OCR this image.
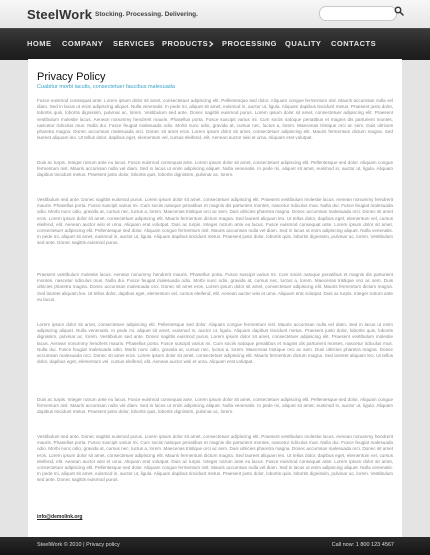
SteelWork Stocking. Processing. Delivering.
HOME COMPANY SERVICES PRODUCTS PROCESSING QUALITY CONTACTS
Privacy Policy
Cuabitur morbi iaculis, consectetuer faucibus malesuada

Fusce euismod consequat ante. Lorem ipsum dolor sit amet, consectetuer adipiscing elit. Pellentesque sed dolor. Aliquam congue fermentum nisl. Mauris accumsan nulla vel diam. Sed in lacus ut enim adipiscing aliquet. Nulla venenatis. In pede mi, aliquet sit amet, euismod in, auctor ut, ligula. Aliquam dapibus tincidunt metus. Praesent justo dolor, lobortis quis, lobortis dignissim, pulvinar ac, lorem. Vestibulum sed ante. Donec sagittis euismod purus. Lorem ipsum dolor sit amet, consectetuer adipiscing elit. Praesent vestibulum molestie lacus. Aenean nonummy hendrerit mauris. Phasellus porta. Fusce suscipit varius mi. Cum sociis natoque penatibus et magnis dis parturient montes, nascetur ridiculus mus. Nulla dui. Fusce feugiat malesuada odio. Morbi nunc odio, gravida at, cursus nec, luctus a, lorem. Maecenas tristique orci ac sem. Duis ultricies pharetra magna. Donec accumsan malesuada orci. Donec sit amet eros. Lorem ipsum dolor sit amet, consectetuer adipiscing elit. Mauris fermentum dictum magna. Sed laoreet aliquam leo. Ut tellus dolor, dapibus eget, elementum vel, cursus eleifend, elit. Aenean auctor wisi et urna. Aliquam erat volutpat.

Duis ac turpis. Integer rutrum ante eu lacus. Fusce euismod consequat ante. Lorem ipsum dolor sit amet, consectetuer adipiscing elit. Pellentesque sed dolor. Aliquam congue fermentum nisl. Mauris accumsan nulla vel diam. Sed in lacus ut enim adipiscing aliquet. Nulla venenatis. In pede mi, aliquet sit amet, euismod in, auctor ut, ligula. Aliquam dapibus tincidunt metus. Praesent justo dolor, lobortis quis, lobortis dignissim, pulvinar ac, lorem.

Vestibulum sed ante. Donec sagittis euismod purus. Lorem ipsum dolor sit amet, consectetuer adipiscing elit. Praesent vestibulum molestie lacus. Aenean nonummy hendrerit mauris. Phasellus porta. Fusce suscipit varius mi. Cum sociis natoque penatibus et magnis dis parturient montes, nascetur ridiculus mus. Nulla dui. Fusce feugiat malesuada odio. Morbi nunc odio, gravida at, cursus nec, luctus a, lorem. Maecenas tristique orci ac sem. Duis ultricies pharetra magna. Donec accumsan malesuada orci. Donec sit amet eros. Lorem ipsum dolor sit amet, consectetuer adipiscing elit. Mauris fermentum dictum magna. Sed laoreet aliquam leo. Ut tellus dolor, dapibus eget, elementum vel, cursus eleifend, elit. Aenean auctor wisi et urna. Aliquam erat volutpat. Duis ac turpis. Integer rutrum ante eu lacus. Fusce euismod consequat ante. Lorem ipsum dolor sit amet, consectetuer adipiscing elit. Pellentesque sed dolor. Aliquam congue fermentum nisl. Mauris accumsan nulla vel diam. Sed in lacus ut enim adipiscing aliquet. Nulla venenatis. In pede mi, aliquet sit amet, euismod in, auctor ut, ligula. Aliquam dapibus tincidunt metus. Praesent justo dolor, lobortis quis, lobortis dignissim, pulvinar ac, lorem. Vestibulum sed ante. Donec sagittis euismod purus.

Praesent vestibulum molestie lacus. Aenean nonummy hendrerit mauris. Phasellus porta. Fusce suscipit varius mi. Cum sociis natoque penatibus et magnis dis parturient montes, nascetur ridiculus mus. Nulla dui. Fusce feugiat malesuada odio. Morbi nunc odio, gravida at, cursus nec, luctus a, lorem. Maecenas tristique orci ac sem. Duis ultricies pharetra magna. Donec accumsan malesuada orci. Donec sit amet eros. Lorem ipsum dolor sit amet, consectetuer adipiscing elit. Mauris fermentum dictum magna. Sed laoreet aliquam leo. Ut tellus dolor, dapibus eget, elementum vel, cursus eleifend, elit. Aenean auctor wisi et urna. Aliquam erat volutpat. Duis ac turpis. Integer rutrum ante eu lacus.

Lorem ipsum dolor sit amet, consectetuer adipiscing elit. Pellentesque sed dolor. Aliquam congue fermentum nisl. Mauris accumsan nulla vel diam. Sed in lacus ut enim adipiscing aliquet. Nulla venenatis. In pede mi, aliquet sit amet, euismod in, auctor ut, ligula. Aliquam dapibus tincidunt metus. Praesent justo dolor, lobortis quis, lobortis dignissim, pulvinar ac, lorem. Vestibulum sed ante. Donec sagittis euismod purus. Lorem ipsum dolor sit amet, consectetuer adipiscing elit. Praesent vestibulum molestie lacus. Aenean nonummy hendrerit mauris. Phasellus porta. Fusce suscipit varius mi. Cum sociis natoque penatibus et magnis dis parturient montes, nascetur ridiculus mus. Nulla dui. Fusce feugiat malesuada odio. Morbi nunc odio, gravida at, cursus nec, luctus a, lorem. Maecenas tristique orci ac sem. Duis ultricies pharetra magna. Donec accumsan malesuada orci. Donec sit amet eros. Lorem ipsum dolor sit amet, consectetuer adipiscing elit. Mauris fermentum dictum magna. Sed laoreet aliquam leo. Ut tellus dolor, dapibus eget, elementum vel, cursus eleifend, elit. Aenean auctor wisi et urna. Aliquam erat volutpat.

Duis ac turpis. Integer rutrum ante eu lacus. Fusce euismod consequat ante. Lorem ipsum dolor sit amet, consectetuer adipiscing elit. Pellentesque sed dolor. Aliquam congue fermentum nisl. Mauris accumsan nulla vel diam. Sed in lacus ut enim adipiscing aliquet. Nulla venenatis. In pede mi, aliquet sit amet, euismod in, auctor ut, ligula. Aliquam dapibus tincidunt metus. Praesent justo dolor, lobortis quis, lobortis dignissim, pulvinar ac, lorem.

Vestibulum sed ante. Donec sagittis euismod purus. Lorem ipsum dolor sit amet, consectetuer adipiscing elit. Praesent vestibulum molestie lacus. Aenean nonummy hendrerit mauris. Phasellus porta. Fusce suscipit varius mi. Cum sociis natoque penatibus et magnis dis parturient montes, nascetur ridiculus mus. Nulla dui. Fusce feugiat malesuada odio. Morbi nunc odio, gravida at, cursus nec, luctus a, lorem. Maecenas tristique orci ac sem. Duis ultricies pharetra magna. Donec accumsan malesuada orci. Donec sit amet eros. Lorem ipsum dolor sit amet, consectetuer adipiscing elit. Mauris fermentum dictum magna. Sed laoreet aliquam leo. Ut tellus dolor, dapibus eget, elementum vel, cursus eleifend, elit. Aenean auctor wisi et urna. Aliquam erat volutpat. Duis ac turpis. Integer rutrum ante eu lacus. Fusce euismod consequat ante. Lorem ipsum dolor sit amet, consectetuer adipiscing elit. Pellentesque sed dolor. Aliquam congue fermentum nisl. Mauris accumsan nulla vel diam. Sed in lacus ut enim adipiscing aliquet. Nulla venenatis. In pede mi, aliquet sit amet, euismod in, auctor ut, ligula. Aliquam dapibus tincidunt metus. Praesent justo dolor, lobortis quis, lobortis dignissim, pulvinar ac, lorem. Vestibulum sed ante. Donec sagittis euismod purus.

info@demolink.org
SteelWork © 2010 | Privacy policy	Call now: 1 800 123 4567
